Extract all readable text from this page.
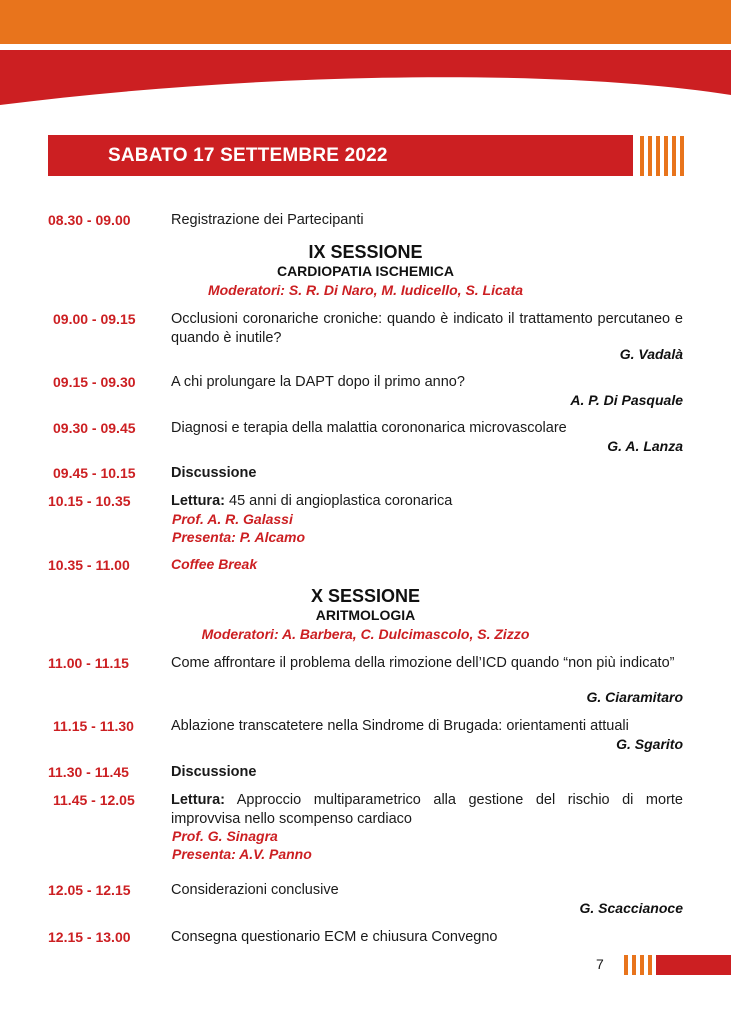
SABATO 17 SETTEMBRE 2022
08.30 - 09.00	Registrazione dei Partecipanti
IX SESSIONE
CARDIOPATIA ISCHEMICA
Moderatori: S. R. Di Naro, M. Iudicello, S. Licata
09.00 - 09.15 Occlusioni coronariche croniche: quando è indicato il trattamento percutaneo e quando è inutile?
G. Vadalà
09.15 - 09.30 A chi prolungare la DAPT dopo il primo anno?
A. P. Di Pasquale
09.30 - 09.45 Diagnosi e terapia della malattia corononarica microvascolare
G. A. Lanza
09.45 - 10.15 Discussione
10.15 - 10.35	Lettura: 45 anni di angioplastica coronarica
Prof. A. R. Galassi
Presenta: P. Alcamo
10.35 - 11.00	Coffee Break
X SESSIONE
ARITMOLOGIA
Moderatori: A. Barbera, C. Dulcimascolo, S. Zizzo
11.00 - 11.15	Come affrontare il problema della rimozione dell’ICD quando “non più indicato”
G. Ciaramitaro
11.15 - 11.30	Ablazione transcatetere nella Sindrome di Brugada: orientamenti attuali
G. Sgarito
11.30 - 11.45	Discussione
11.45 - 12.05	Lettura: Approccio multiparametrico alla gestione del rischio di morte improvvisa nello scompenso cardiaco
Prof. G. Sinagra
Presenta: A.V. Panno
12.05 - 12.15	Considerazioni conclusive
G. Scaccianoce
12.15 - 13.00	Consegna questionario ECM e chiusura Convegno
7
